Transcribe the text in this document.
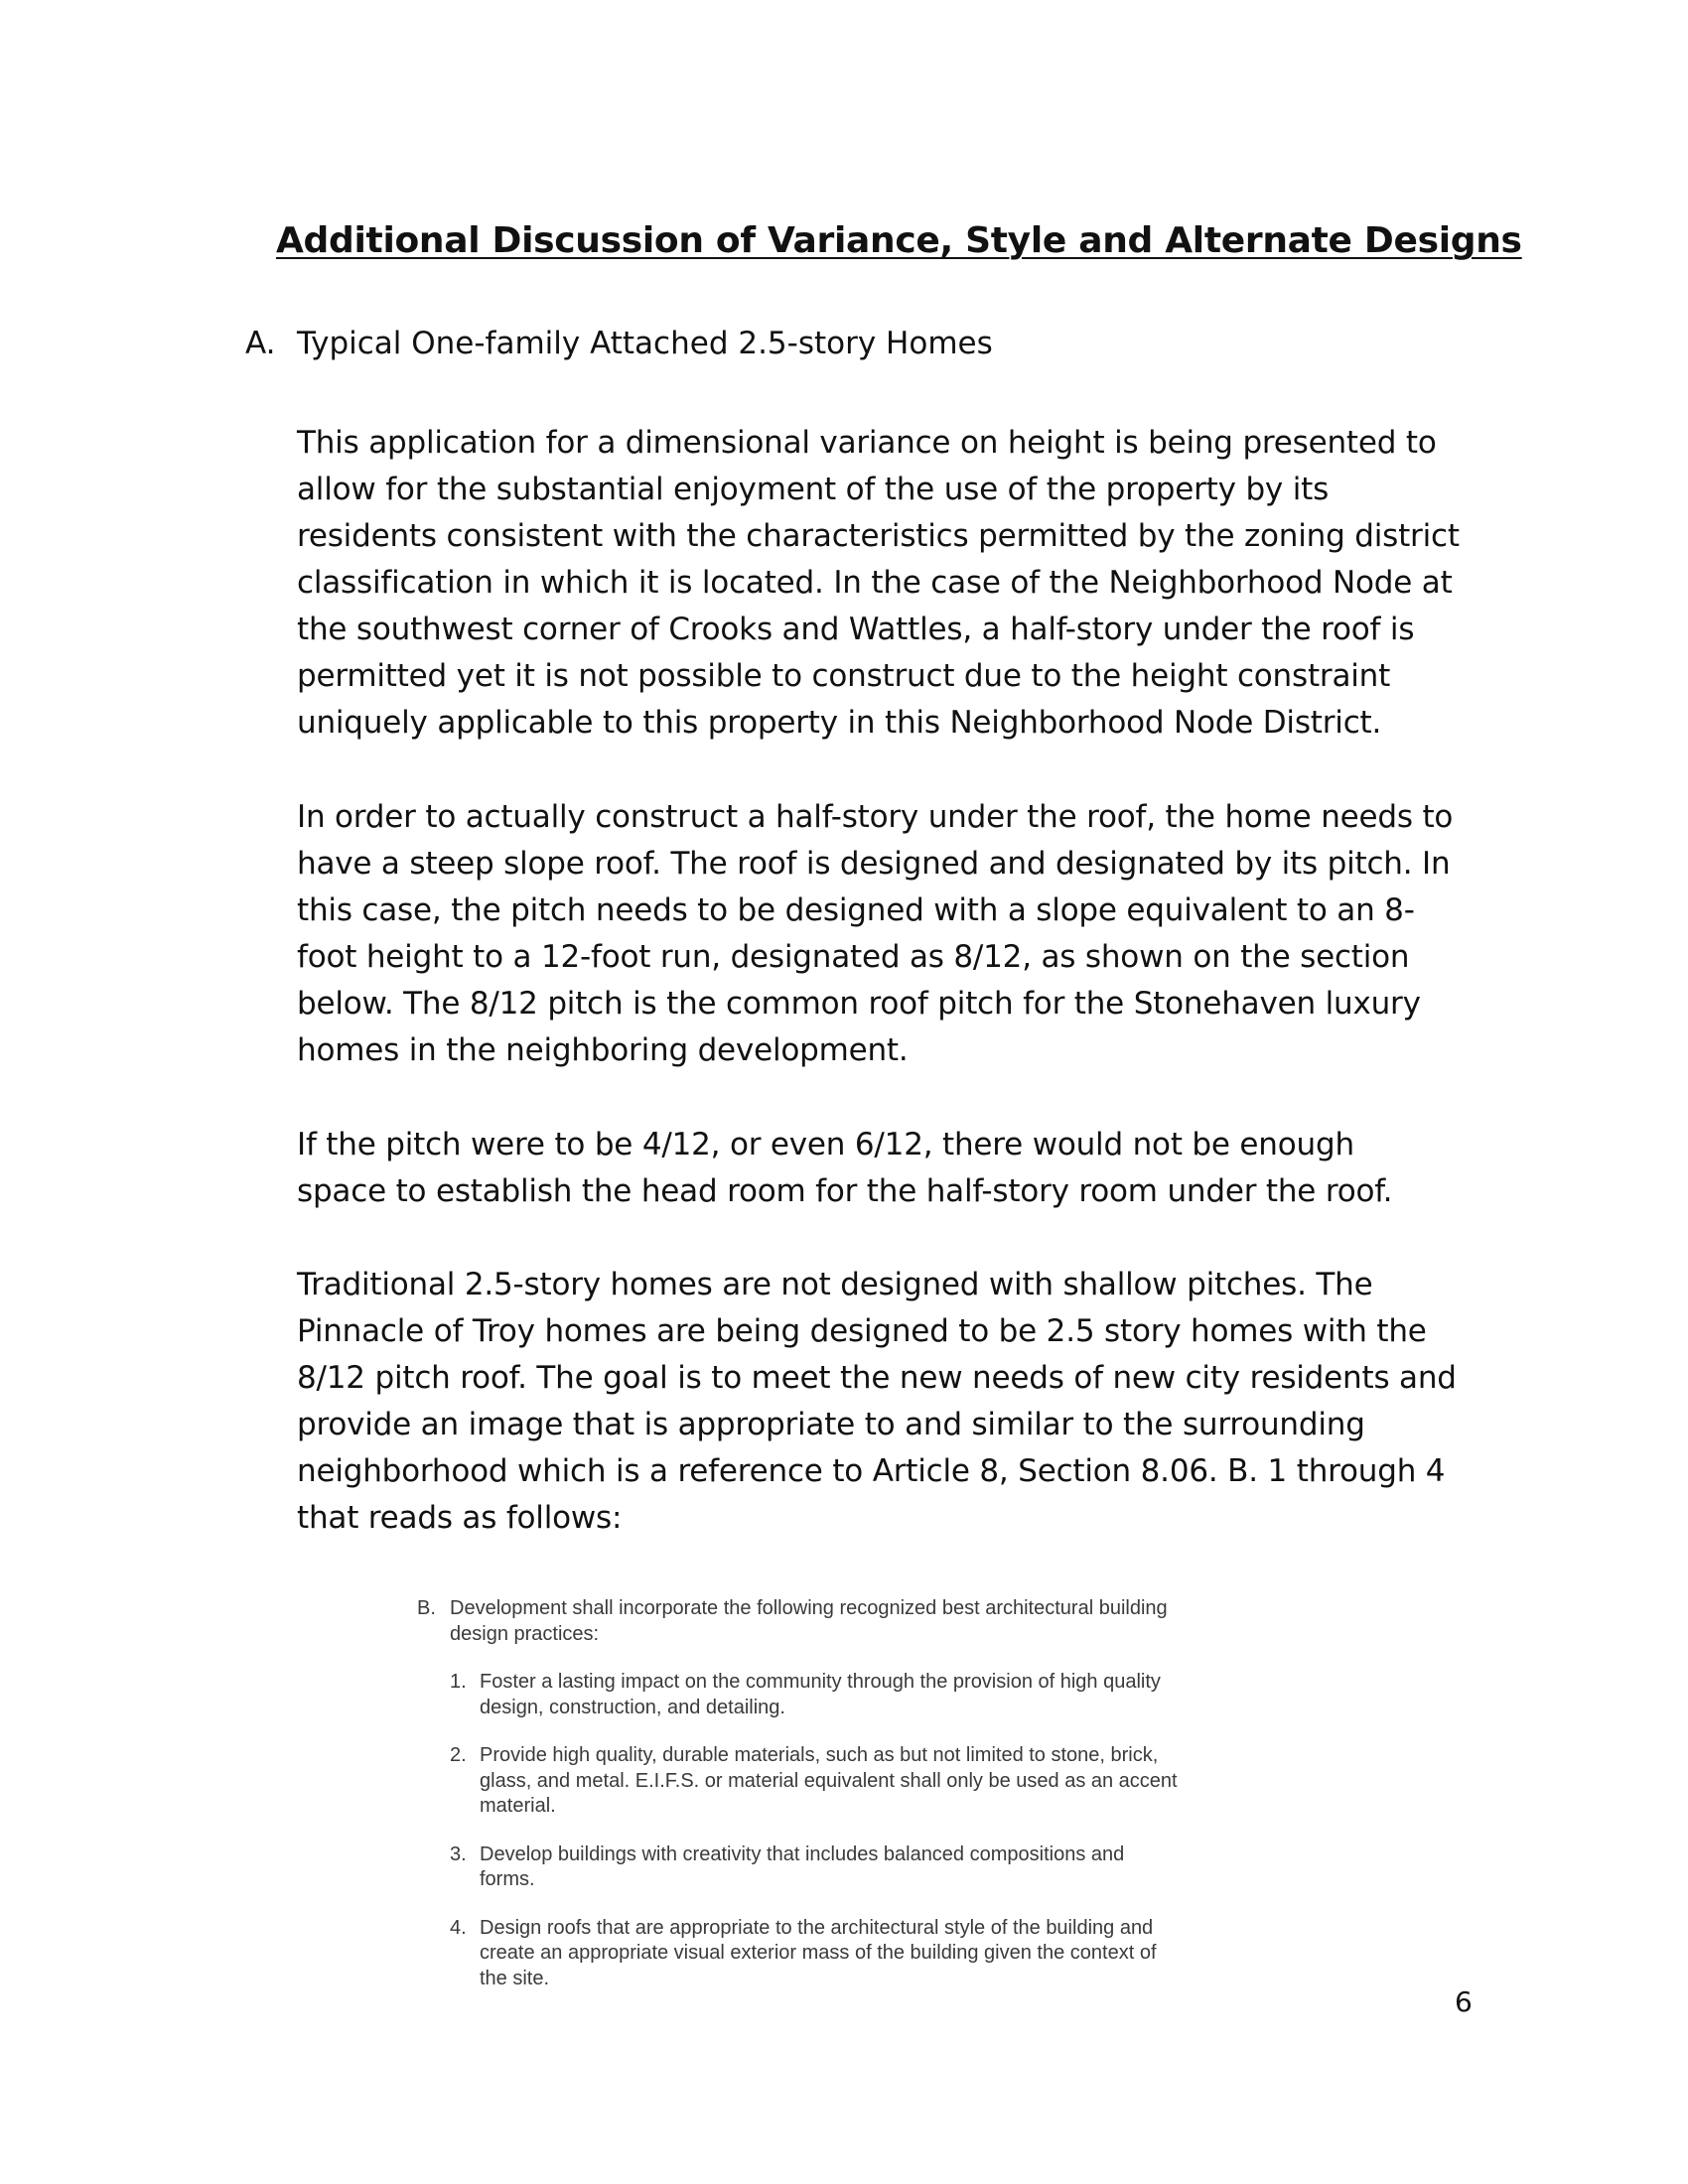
Additional Discussion of Variance, Style and Alternate Designs
A. Typical One-family Attached 2.5-story Homes
This application for a dimensional variance on height is being presented to
allow for the substantial enjoyment of the use of the property by its
residents consistent with the characteristics permitted by the zoning district
classification in which it is located. In the case of the Neighborhood Node at
the southwest corner of Crooks and Wattles, a half-story under the roof is
permitted yet it is not possible to construct due to the height constraint
uniquely applicable to this property in this Neighborhood Node District.
In order to actually construct a half-story under the roof, the home needs to
have a steep slope roof. The roof is designed and designated by its pitch. In
this case, the pitch needs to be designed with a slope equivalent to an 8-
foot height to a 12-foot run, designated as 8/12, as shown on the section
below. The 8/12 pitch is the common roof pitch for the Stonehaven luxury
homes in the neighboring development.
If the pitch were to be 4/12, or even 6/12, there would not be enough
space to establish the head room for the half-story room under the roof.
Traditional 2.5-story homes are not designed with shallow pitches. The
Pinnacle of Troy homes are being designed to be 2.5 story homes with the
8/12 pitch roof. The goal is to meet the new needs of new city residents and
provide an image that is appropriate to and similar to the surrounding
neighborhood which is a reference to Article 8, Section 8.06. B. 1 through 4
that reads as follows:
B. Development shall incorporate the following recognized best architectural building
design practices:
1. Foster a lasting impact on the community through the provision of high quality
design, construction, and detailing.
2. Provide high quality, durable materials, such as but not limited to stone, brick,
glass, and metal. E.I.F.S. or material equivalent shall only be used as an accent
material.
3. Develop buildings with creativity that includes balanced compositions and
forms.
4. Design roofs that are appropriate to the architectural style of the building and
create an appropriate visual exterior mass of the building given the context of
the site.
6
